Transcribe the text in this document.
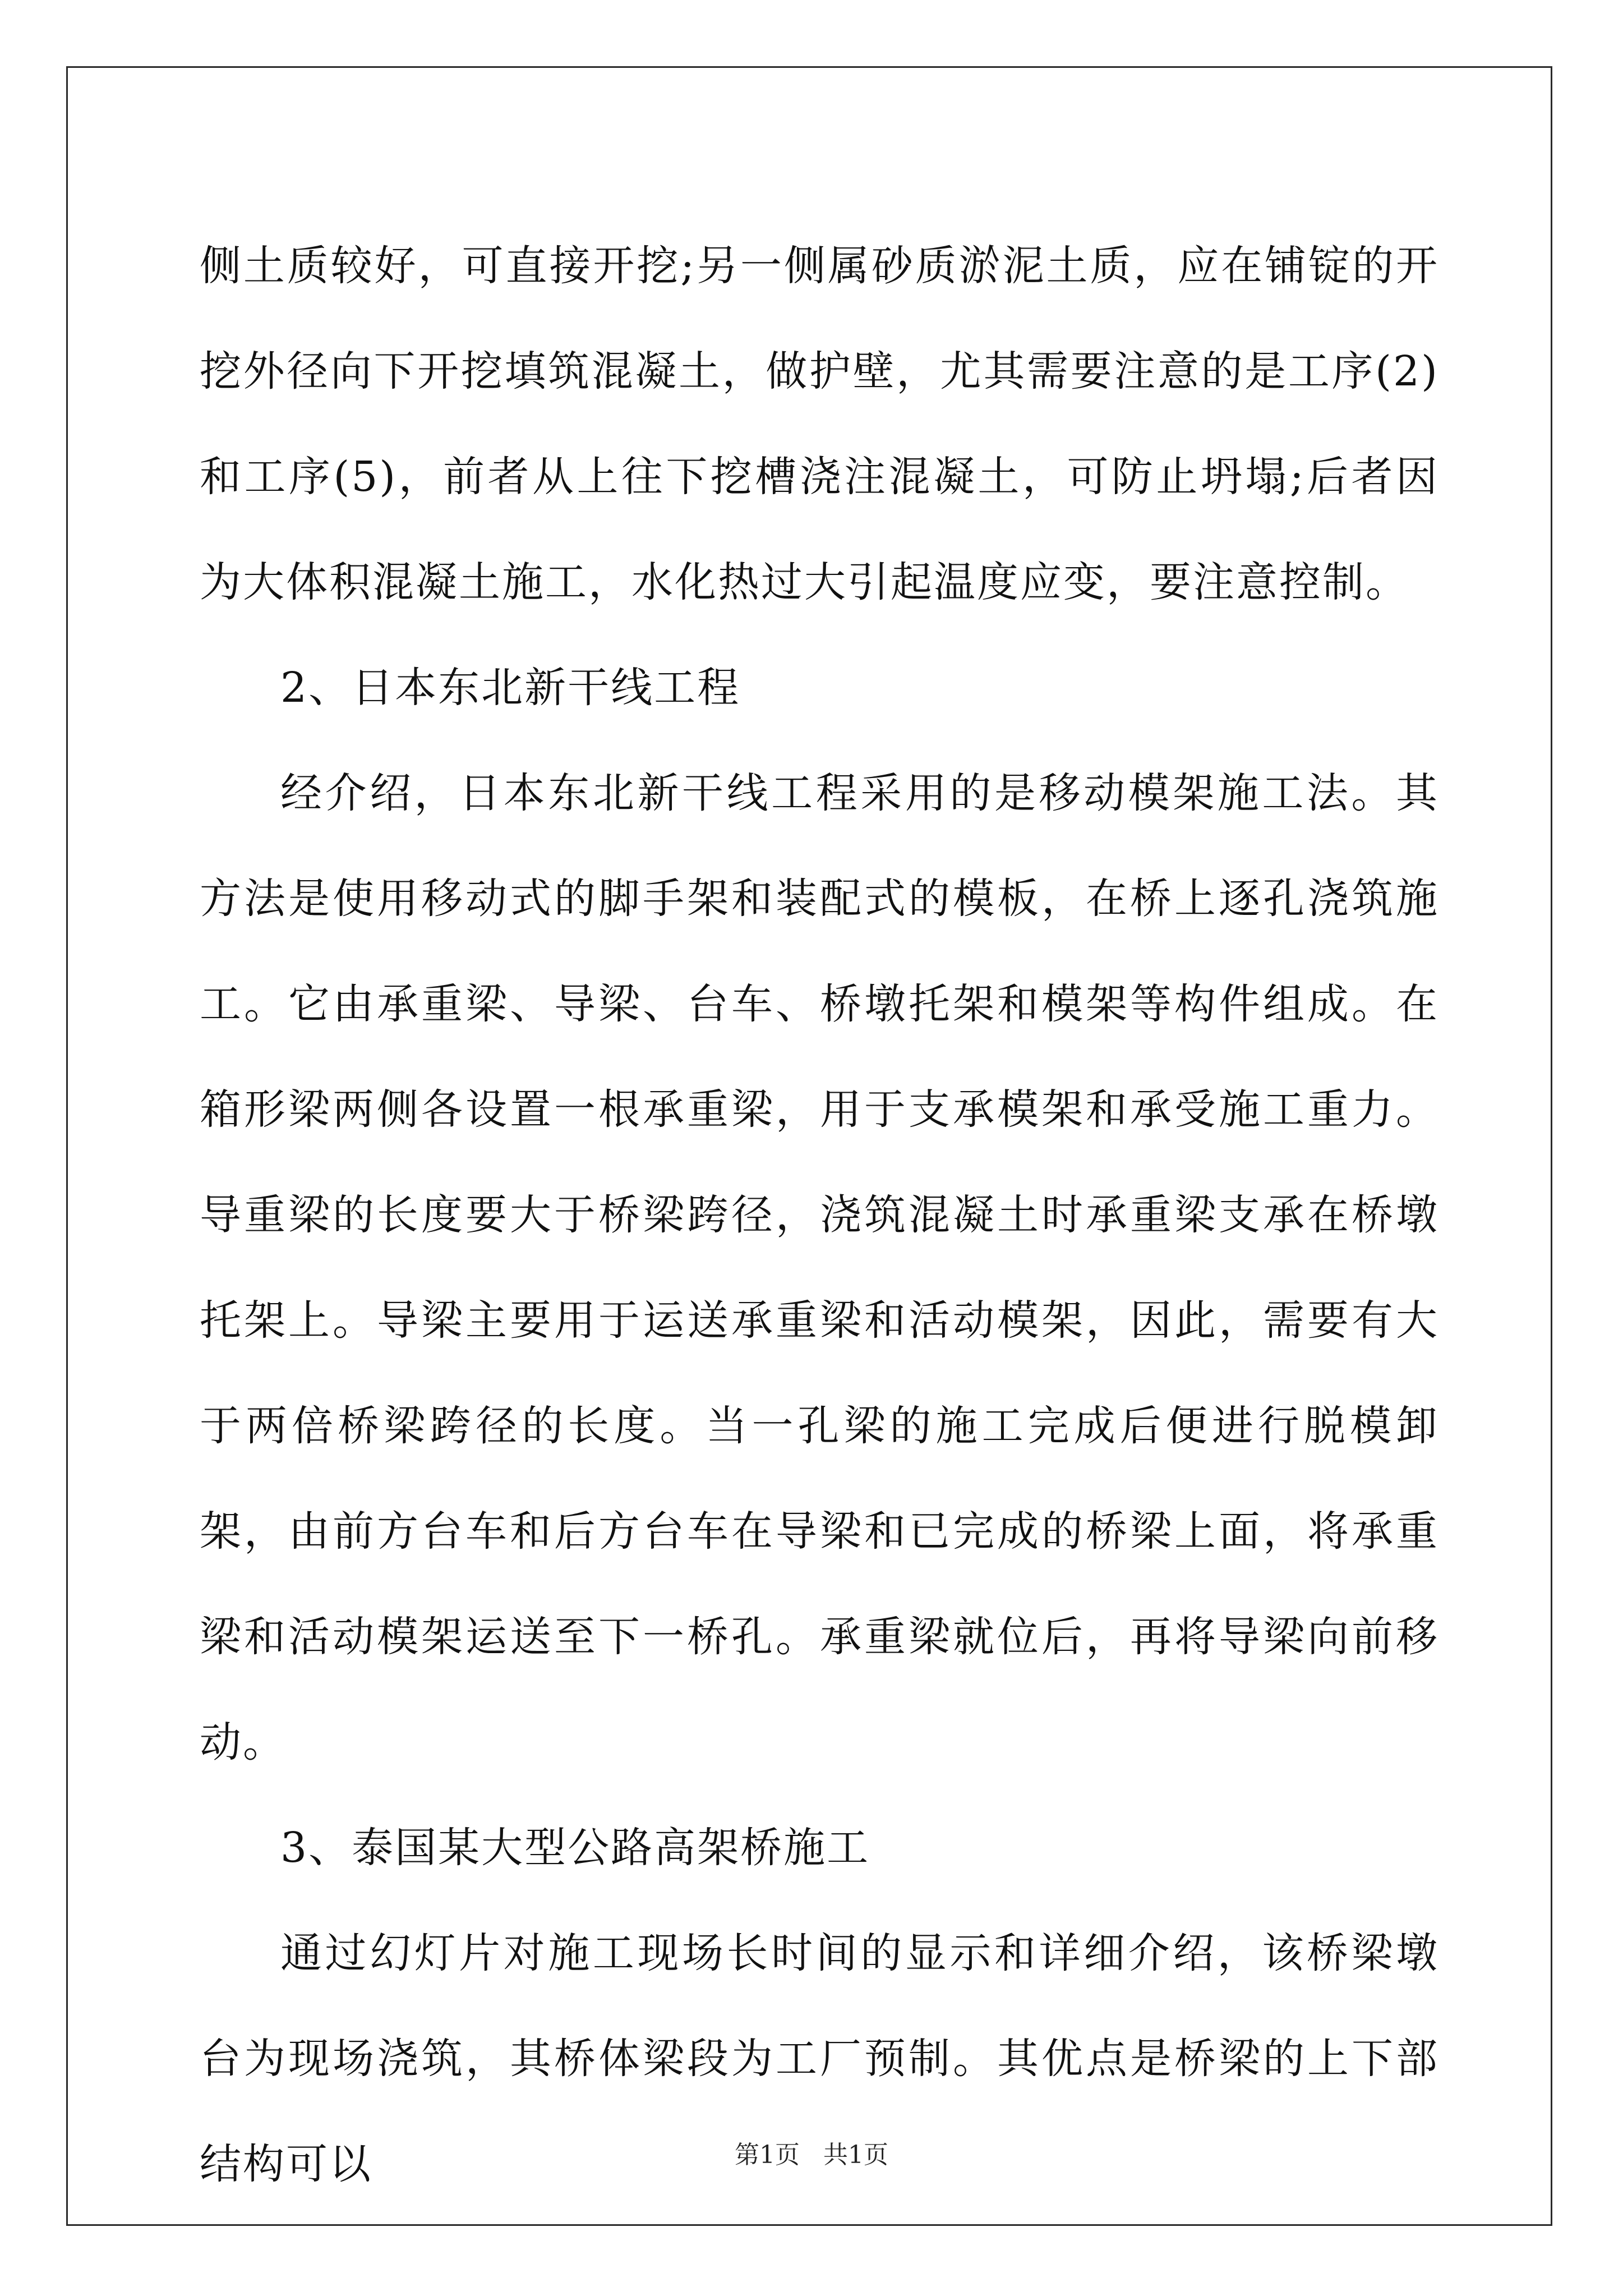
侧土质较好，可直接开挖;另一侧属砂质淤泥土质，应在铺锭的开挖外径向下开挖填筑混凝土，做护壁，尤其需要注意的是工序(2)和工序(5)，前者从上往下挖槽浇注混凝土，可防止坍塌;后者因为大体积混凝土施工，水化热过大引起温度应变，要注意控制。

2、日本东北新干线工程

经介绍，日本东北新干线工程采用的是移动模架施工法。其方法是使用移动式的脚手架和装配式的模板，在桥上逐孔浇筑施工。它由承重梁、导梁、台车、桥墩托架和模架等构件组成。在箱形梁两侧各设置一根承重梁，用于支承模架和承受施工重力。导重梁的长度要大于桥梁跨径，浇筑混凝土时承重梁支承在桥墩托架上。导梁主要用于运送承重梁和活动模架，因此，需要有大于两倍桥梁跨径的长度。当一孔梁的施工完成后便进行脱模卸架，由前方台车和后方台车在导梁和已完成的桥梁上面，将承重梁和活动模架运送至下一桥孔。承重梁就位后，再将导梁向前移动。

3、泰国某大型公路高架桥施工

通过幻灯片对施工现场长时间的显示和详细介绍，该桥梁墩台为现场浇筑，其桥体梁段为工厂预制。其优点是桥梁的上下部结构可以	第1页   共1页
